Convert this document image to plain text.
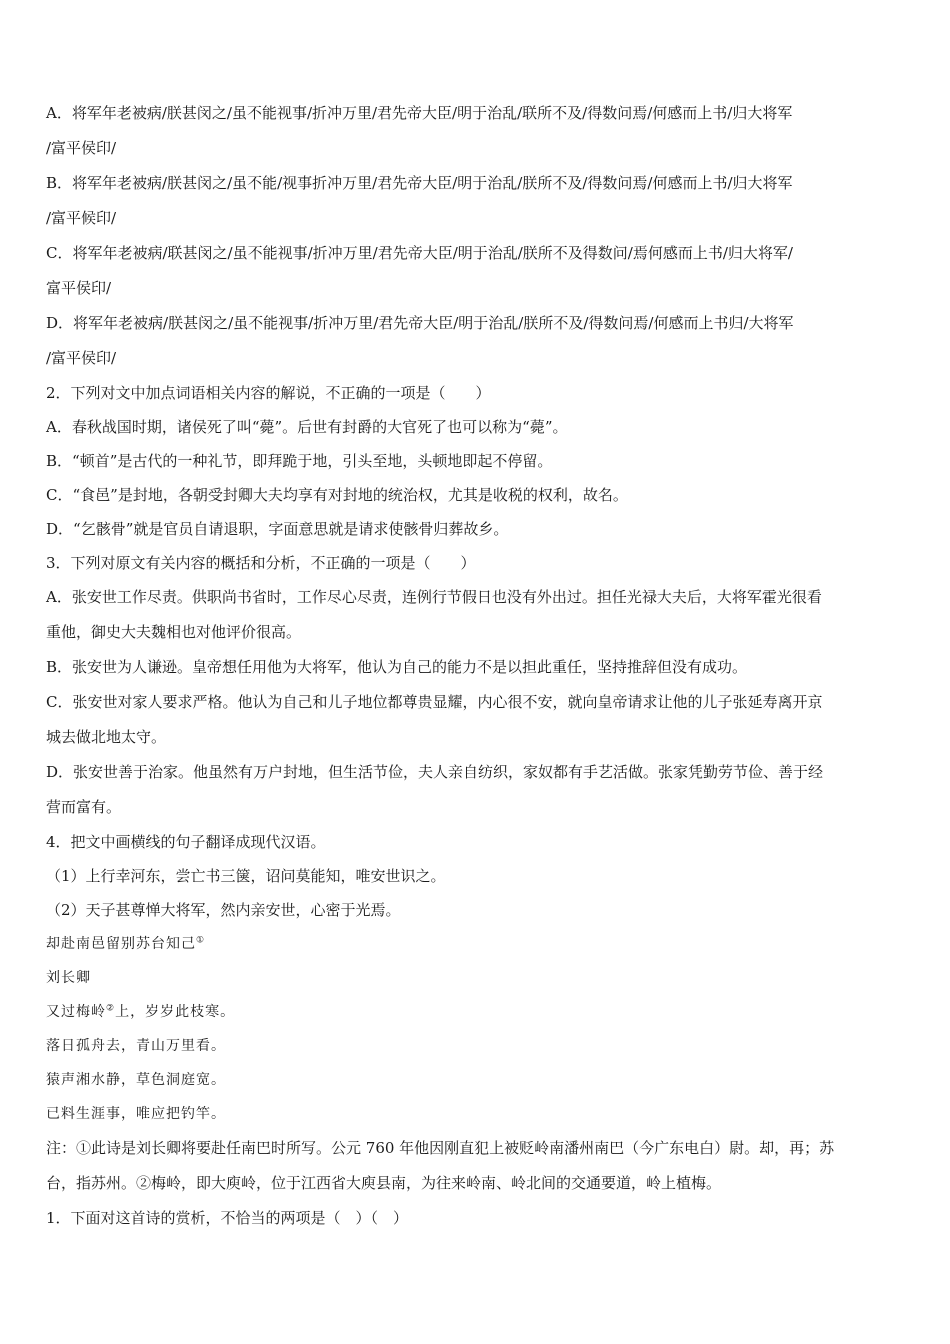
A．将军年老被病/朕甚闵之/虽不能视事/折冲万里/君先帝大臣/明于治乱/联所不及/得数问焉/何感而上书/归大将军
/富平侯印/
B．将军年老被病/朕甚闵之/虽不能/视事折冲万里/君先帝大臣/明于治乱/朕所不及/得数问焉/何感而上书/归大将军
/富平候印/
C．将军年老被病/联甚闵之/虽不能视事/折冲万里/君先帝大臣/明于治乱/朕所不及得数问/焉何感而上书/归大将军/
富平侯印/
D．将军年老被病/朕甚闵之/虽不能视事/折冲万里/君先帝大臣/明于治乱/朕所不及/得数问焉/何感而上书归/大将军
/富平侯印/
2．下列对文中加点词语相关内容的解说，不正确的一项是（　　）
A．春秋战国时期，诸侯死了叫“薨”。后世有封爵的大官死了也可以称为“薨”。
B．“顿首”是古代的一种礼节，即拜跪于地，引头至地，头顿地即起不停留。
C．“食邑”是封地，各朝受封卿大夫均享有对封地的统治权，尤其是收税的权利，故名。
D．“乞骸骨”就是官员自请退职，字面意思就是请求使骸骨归葬故乡。
3．下列对原文有关内容的概括和分析，不正确的一项是（　　）
A．张安世工作尽责。供职尚书省时，工作尽心尽责，连例行节假日也没有外出过。担任光禄大夫后，大将军霍光很看
重他，御史大夫魏相也对他评价很高。
B．张安世为人谦逊。皇帝想任用他为大将军，他认为自己的能力不是以担此重任，坚持推辞但没有成功。
C．张安世对家人要求严格。他认为自己和儿子地位都尊贵显耀，内心很不安，就向皇帝请求让他的儿子张延寿离开京
城去做北地太守。
D．张安世善于治家。他虽然有万户封地，但生活节俭，夫人亲自纺织，家奴都有手艺活做。张家凭勤劳节俭、善于经
营而富有。
4．把文中画横线的句子翻译成现代汉语。
（1）上行幸河东，尝亡书三箧，诏问莫能知，唯安世识之。
（2）天子甚尊惮大将军，然内亲安世，心密于光焉。
却赴南邑留别苏台知己①
刘长卿
又过梅岭②上，岁岁此枝寒。
落日孤舟去，青山万里看。
猿声湘水静，草色洞庭宽。
已料生涯事，唯应把钓竿。
注：①此诗是刘长卿将要赴任南巴时所写。公元 760 年他因刚直犯上被贬岭南潘州南巴（今广东电白）尉。却，再；苏
台，指苏州。②梅岭，即大庾岭，位于江西省大庾县南，为往来岭南、岭北间的交通要道，岭上植梅。
1．下面对这首诗的赏析，不恰当的两项是（　）（　）
